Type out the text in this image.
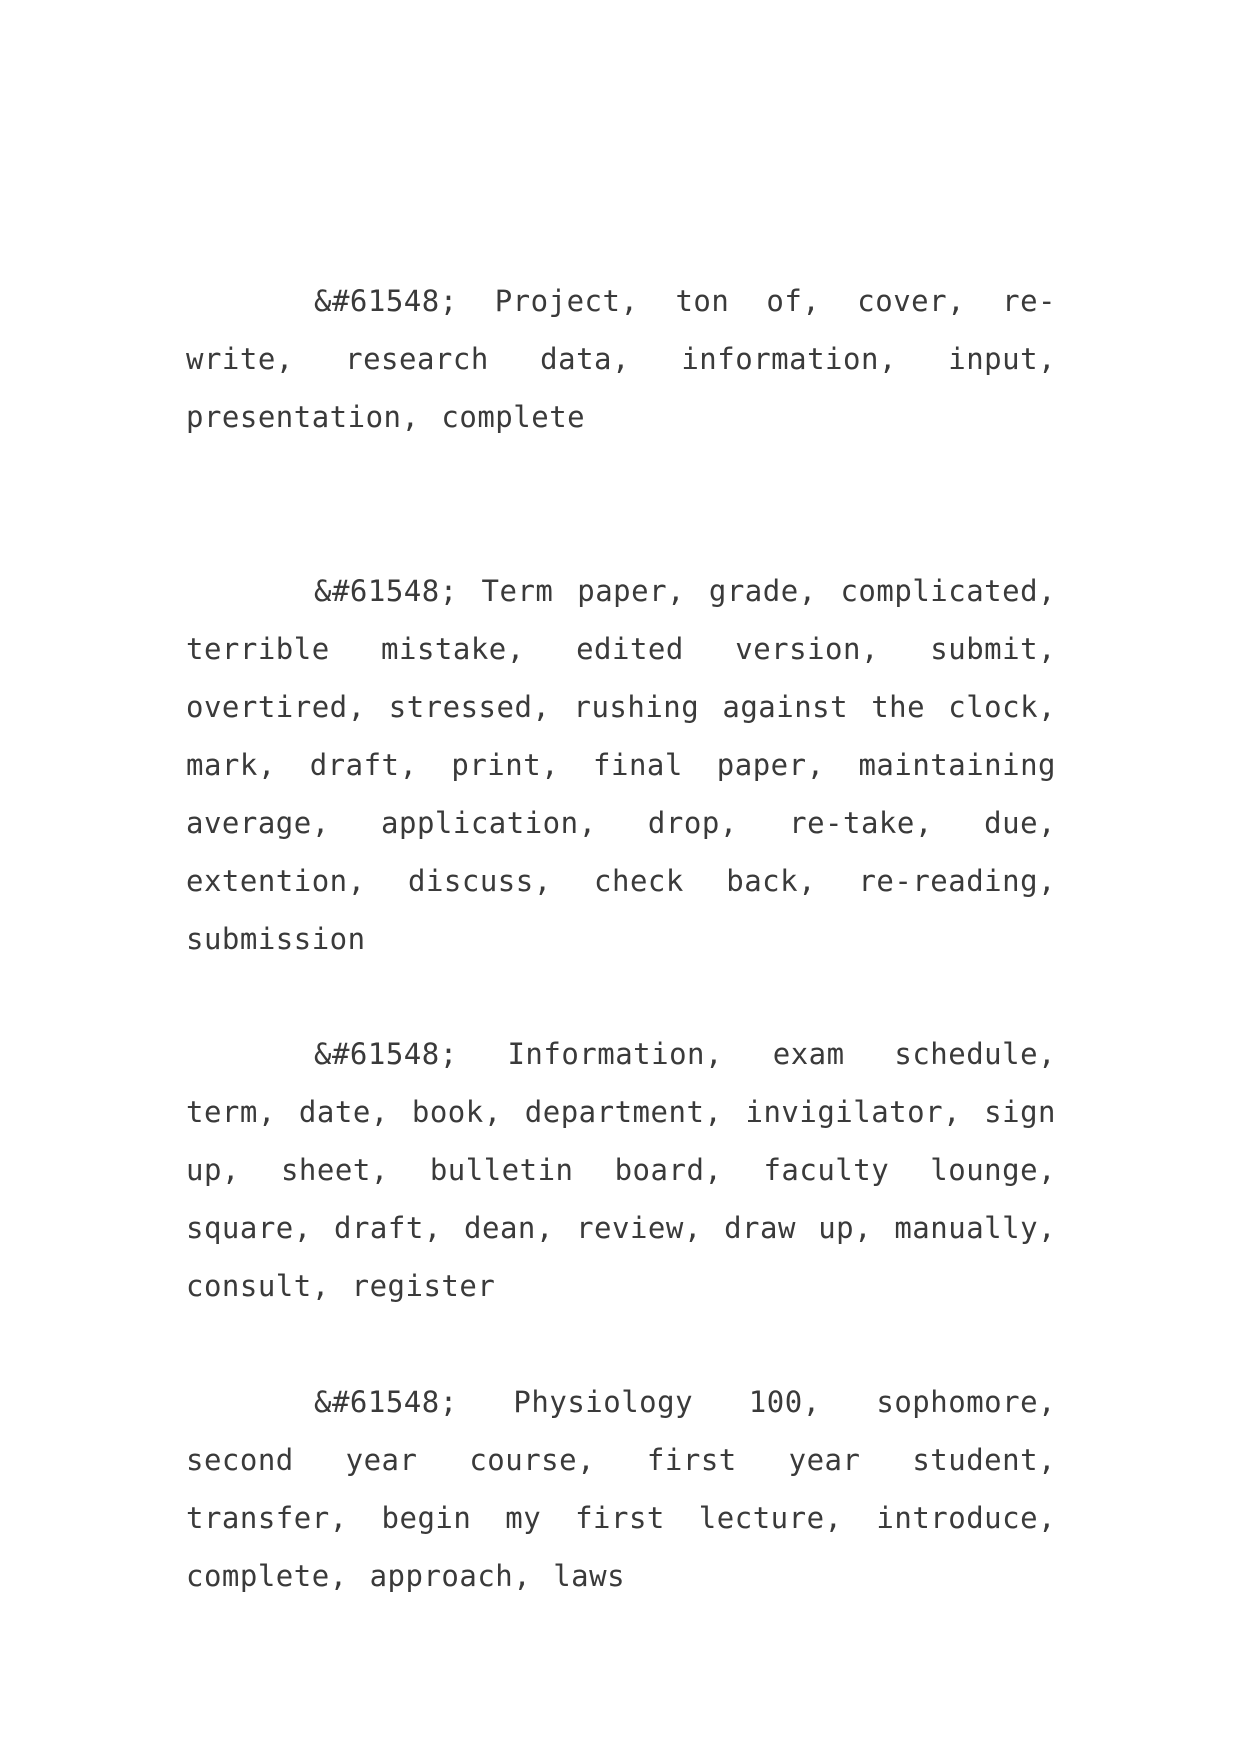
&#61548; Project, ton of, cover, re-write, research data, information, input, presentation, complete

&#61548; Term paper, grade, complicated, terrible mistake, edited version, submit, overtired, stressed, rushing against the clock, mark, draft, print, final paper, maintaining average, application, drop, re-take, due, extention, discuss, check back, re-reading, submission

&#61548; Information, exam schedule, term, date, book, department, invigilator, sign up, sheet, bulletin board, faculty lounge, square, draft, dean, review, draw up, manually, consult, register

&#61548; Physiology 100, sophomore, second year course, first year student, transfer, begin my first lecture, introduce, complete, approach, laws
